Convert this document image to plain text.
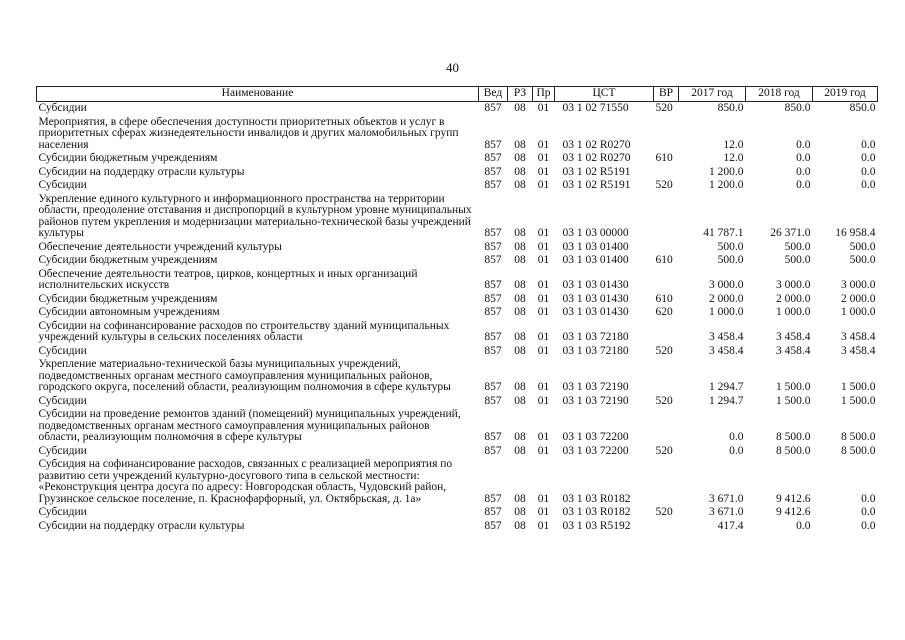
40
Наименование	Вед	РЗ	Пр	ЦСТ	ВР	2017 год	2018 год	2019 год
Субсидии	857	08	01	03 1 02 71550	520	850.0	850.0	850.0
Мероприятия, в сфере обеспечения доступности приоритетных объектов и услуг в приоритетных сферах жизнедеятельности инвалидов и других маломобильных групп населения	857	08	01	03 1 02 R0270		12.0	0.0	0.0
Субсидии бюджетным учреждениям	857	08	01	03 1 02 R0270	610	12.0	0.0	0.0
Субсидии на поддердку отрасли культуры	857	08	01	03 1 02 R5191		1 200.0	0.0	0.0
Субсидии	857	08	01	03 1 02 R5191	520	1 200.0	0.0	0.0
Укрепление единого культурного и информационного пространства на территории области, преодоление отставания и диспропорций в культурном уровне муниципальных районов путем укрепления и модернизации материально-технической базы учреждений культуры	857	08	01	03 1 03 00000		41 787.1	26 371.0	16 958.4
Обеспечение деятельности учреждений культуры	857	08	01	03 1 03 01400		500.0	500.0	500.0
Субсидии бюджетным учреждениям	857	08	01	03 1 03 01400	610	500.0	500.0	500.0
Обеспечение деятельности театров, цирков, концертных и иных организаций исполнительских искусств	857	08	01	03 1 03 01430		3 000.0	3 000.0	3 000.0
Субсидии бюджетным учреждениям	857	08	01	03 1 03 01430	610	2 000.0	2 000.0	2 000.0
Субсидии автономным учреждениям	857	08	01	03 1 03 01430	620	1 000.0	1 000.0	1 000.0
Субсидии на софинансирование расходов по строительству зданий муниципальных учреждений культуры в сельских поселениях области	857	08	01	03 1 03 72180		3 458.4	3 458.4	3 458.4
Субсидии	857	08	01	03 1 03 72180	520	3 458.4	3 458.4	3 458.4
Укрепление материально-технической базы муниципальных учреждений, подведомственных органам местного самоуправления муниципальных районов, городского округа, поселений области, реализующим полномочия в сфере культуры	857	08	01	03 1 03 72190		1 294.7	1 500.0	1 500.0
Субсидии	857	08	01	03 1 03 72190	520	1 294.7	1 500.0	1 500.0
Субсидии на проведение ремонтов зданий (помещений) муниципальных учреждений, подведомственных органам местного самоуправления муниципальных районов области, реализующим полномочия в сфере культуры	857	08	01	03 1 03 72200		0.0	8 500.0	8 500.0
Субсидии	857	08	01	03 1 03 72200	520	0.0	8 500.0	8 500.0
Субсидия на софинансирование расходов, связанных с реализацией мероприятия по развитию сети учреждений культурно-досугового типа в сельской местности: «Реконструкция центра досуга по адресу: Новгородская область, Чудовский район, Грузинское сельское поселение, п. Краснофарфорный, ул. Октябрьская, д. 1а»	857	08	01	03 1 03 R0182		3 671.0	9 412.6	0.0
Субсидии	857	08	01	03 1 03 R0182	520	3 671.0	9 412.6	0.0
Субсидии на поддердку отрасли культуры	857	08	01	03 1 03 R5192		417.4	0.0	0.0
